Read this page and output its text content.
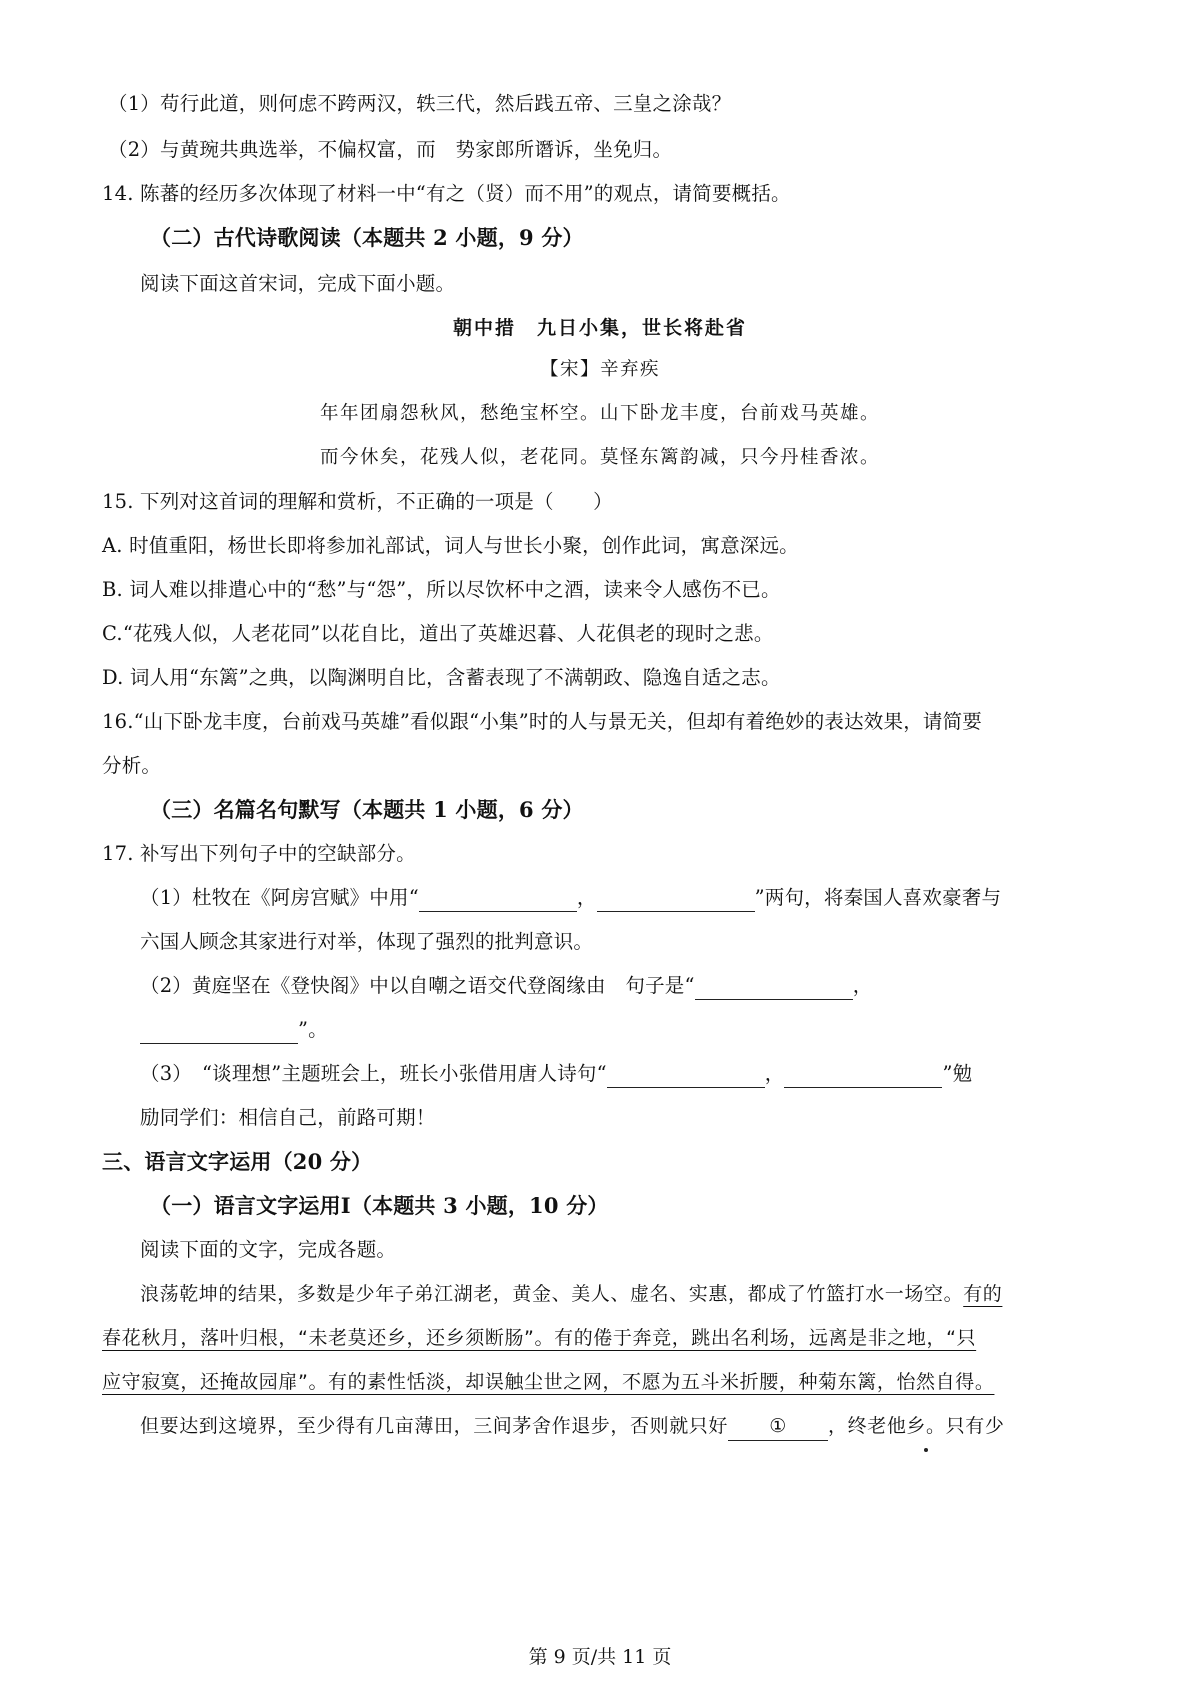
（1）苟行此道，则何虑不跨两汉，轶三代，然后践五帝、三皇之涂哉？
（2）与黄琬共典选举，不偏权富，而　势家郎所谮诉，坐免归。
14. 陈蕃的经历多次体现了材料一中“有之（贤）而不用”的观点，请简要概括。
（二）古代诗歌阅读（本题共 2 小题，9 分）
阅读下面这首宋词，完成下面小题。
朝中措　九日小集，世长将赴省
【宋】辛弃疾
年年团扇怨秋风，愁绝宝杯空。山下卧龙丰度，台前戏马英雄。
而今休矣，花残人似，老花同。莫怪东篱韵减，只今丹桂香浓。
15. 下列对这首词的理解和赏析，不正确的一项是（　　）
A. 时值重阳，杨世长即将参加礼部试，词人与世长小聚，创作此词，寓意深远。
B. 词人难以排遣心中的“愁”与“怨”，所以尽饮杯中之酒，读来令人感伤不已。
C.“花残人似，人老花同”以花自比，道出了英雄迟暮、人花俱老的现时之悲。
D. 词人用“东篱”之典，以陶渊明自比，含蓄表现了不满朝政、隐逸自适之志。
16.“山下卧龙丰度，台前戏马英雄”看似跟“小集”时的人与景无关，但却有着绝妙的表达效果，请简要
分析。
（三）名篇名句默写（本题共 1 小题，6 分）
17. 补写出下列句子中的空缺部分。
（1）杜牧在《阿房宫赋》中用“	，	”两句，将秦国人喜欢豪奢与
六国人顾念其家进行对举，体现了强烈的批判意识。
（2）黄庭坚在《登快阁》中以自嘲之语交代登阁缘由　句子是“	，
”。
（3）　“谈理想”主题班会上，班长小张借用唐人诗句“	，	”勉
励同学们：相信自己，前路可期！
三、语言文字运用（20 分）
（一）语言文字运用Ⅰ（本题共 3 小题，10 分）
阅读下面的文字，完成各题。
浪荡乾坤的结果，多数是少年子弟江湖老，黄金、美人、虚名、实惠，都成了竹篮打水一场空。有的
春花秋月，落叶归根，“未老莫还乡，还乡须断肠”。有的倦于奔竞，跳出名利场，远离是非之地，“只
应守寂寞，还掩故园扉”。有的素性恬淡，却误触尘世之网，不愿为五斗米折腰，种菊东篱，怡然自得。
但要达到这境界，至少得有几亩薄田，三间茅舍作退步，否则就只好 ① ，终老他乡。只有少
第 9 页/共 11 页
